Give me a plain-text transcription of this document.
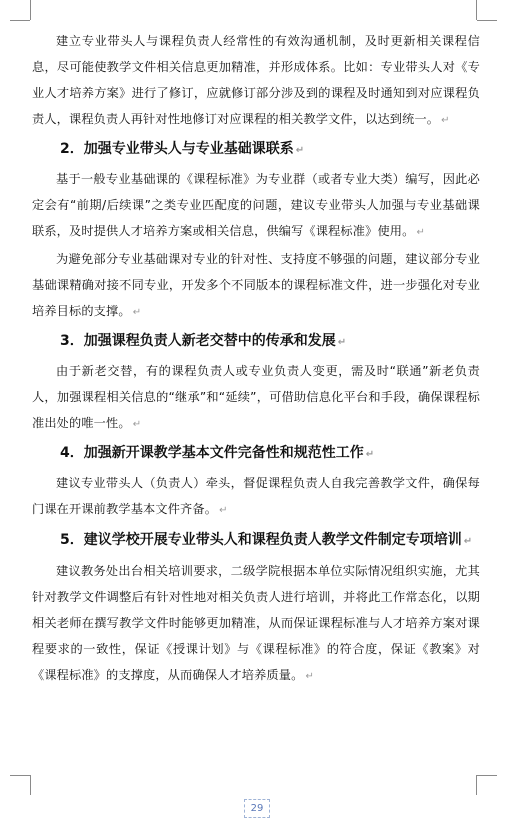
建立专业带头人与课程负责人经常性的有效沟通机制，及时更新相关课程信息，尽可能使教学文件相关信息更加精准，并形成体系。比如：专业带头人对《专业人才培养方案》进行了修订，应就修订部分涉及到的课程及时通知到对应课程负责人，课程负责人再针对性地修订对应课程的相关教学文件，以达到统一。 ↵

2．加强专业带头人与专业基础课联系 ↵

基于一般专业基础课的《课程标准》为专业群（或者专业大类）编写，因此必定会有“前期/后续课”之类专业匹配度的问题，建议专业带头人加强与专业基础课联系，及时提供人才培养方案或相关信息，供编写《课程标准》使用。 ↵

为避免部分专业基础课对专业的针对性、支持度不够强的问题，建议部分专业基础课精确对接不同专业，开发多个不同版本的课程标准文件，进一步强化对专业培养目标的支撑。 ↵

3．加强课程负责人新老交替中的传承和发展 ↵

由于新老交替，有的课程负责人或专业负责人变更，需及时“联通”新老负责人，加强课程相关信息的“继承”和“延续”，可借助信息化平台和手段，确保课程标准出处的唯一性。 ↵

4．加强新开课教学基本文件完备性和规范性工作 ↵

建议专业带头人（负责人）牵头，督促课程负责人自我完善教学文件，确保每门课在开课前教学基本文件齐备。 ↵

5．建议学校开展专业带头人和课程负责人教学文件制定专项培训 ↵

建议教务处出台相关培训要求，二级学院根据本单位实际情况组织实施，尤其针对教学文件调整后有针对性地对相关负责人进行培训，并将此工作常态化，以期相关老师在撰写教学文件时能够更加精准，从而保证课程标准与人才培养方案对课程要求的一致性，保证《授课计划》与《课程标准》的符合度，保证《教案》对《课程标准》的支撑度，从而确保人才培养质量。 ↵

29
